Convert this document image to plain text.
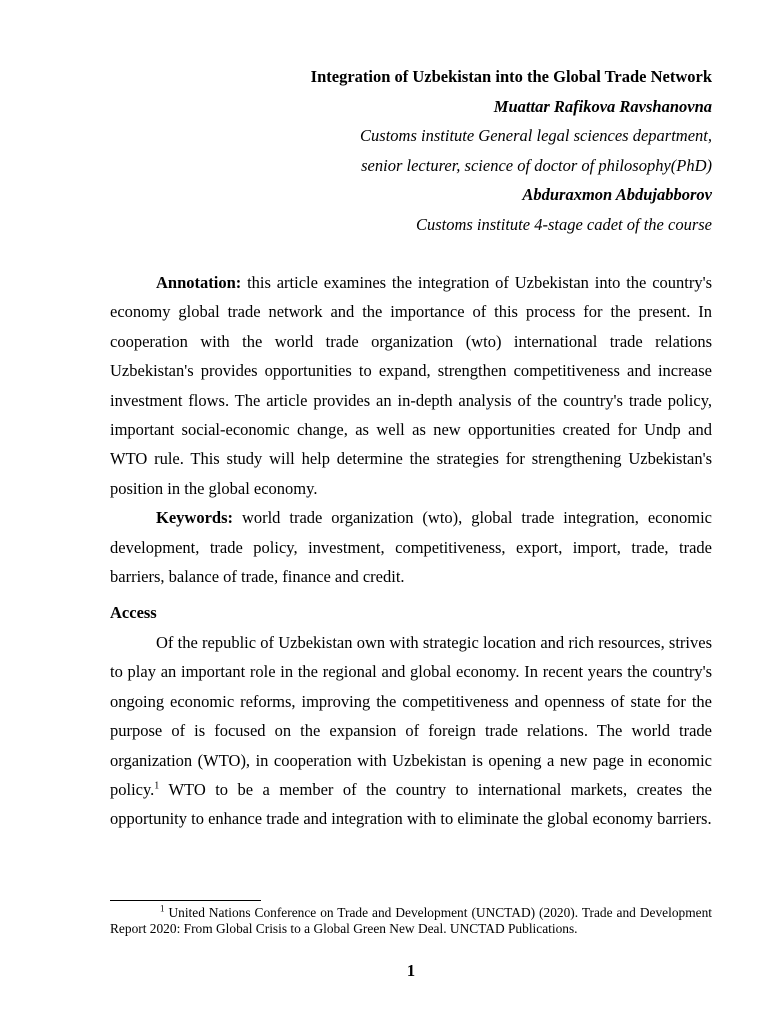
Integration of Uzbekistan into the Global Trade Network
Muattar Rafikova Ravshanovna
Customs institute General legal sciences department,
senior lecturer, science of doctor of philosophy(PhD)
Abduraxmon Abdujabborov
Customs institute 4-stage cadet of the course

Annotation: this article examines the integration of Uzbekistan into the country's economy global trade network and the importance of this process for the present. In cooperation with the world trade organization (wto) international trade relations Uzbekistan's provides opportunities to expand, strengthen competitiveness and increase investment flows. The article provides an in-depth analysis of the country's trade policy, important social-economic change, as well as new opportunities created for Undp and WTO rule. This study will help determine the strategies for strengthening Uzbekistan's position in the global economy.

Keywords: world trade organization (wto), global trade integration, economic development, trade policy, investment, competitiveness, export, import, trade, trade barriers, balance of trade, finance and credit.

Access

Of the republic of Uzbekistan own with strategic location and rich resources, strives to play an important role in the regional and global economy. In recent years the country's ongoing economic reforms, improving the competitiveness and openness of state for the purpose of is focused on the expansion of foreign trade relations. The world trade organization (WTO), in cooperation with Uzbekistan is opening a new page in economic policy.$^1$ WTO to be a member of the country to international markets, creates the opportunity to enhance trade and integration with to eliminate the global economy barriers.

$^1$ United Nations Conference on Trade and Development (UNCTAD) (2020). Trade and Development Report 2020: From Global Crisis to a Global Green New Deal. UNCTAD Publications.
1
